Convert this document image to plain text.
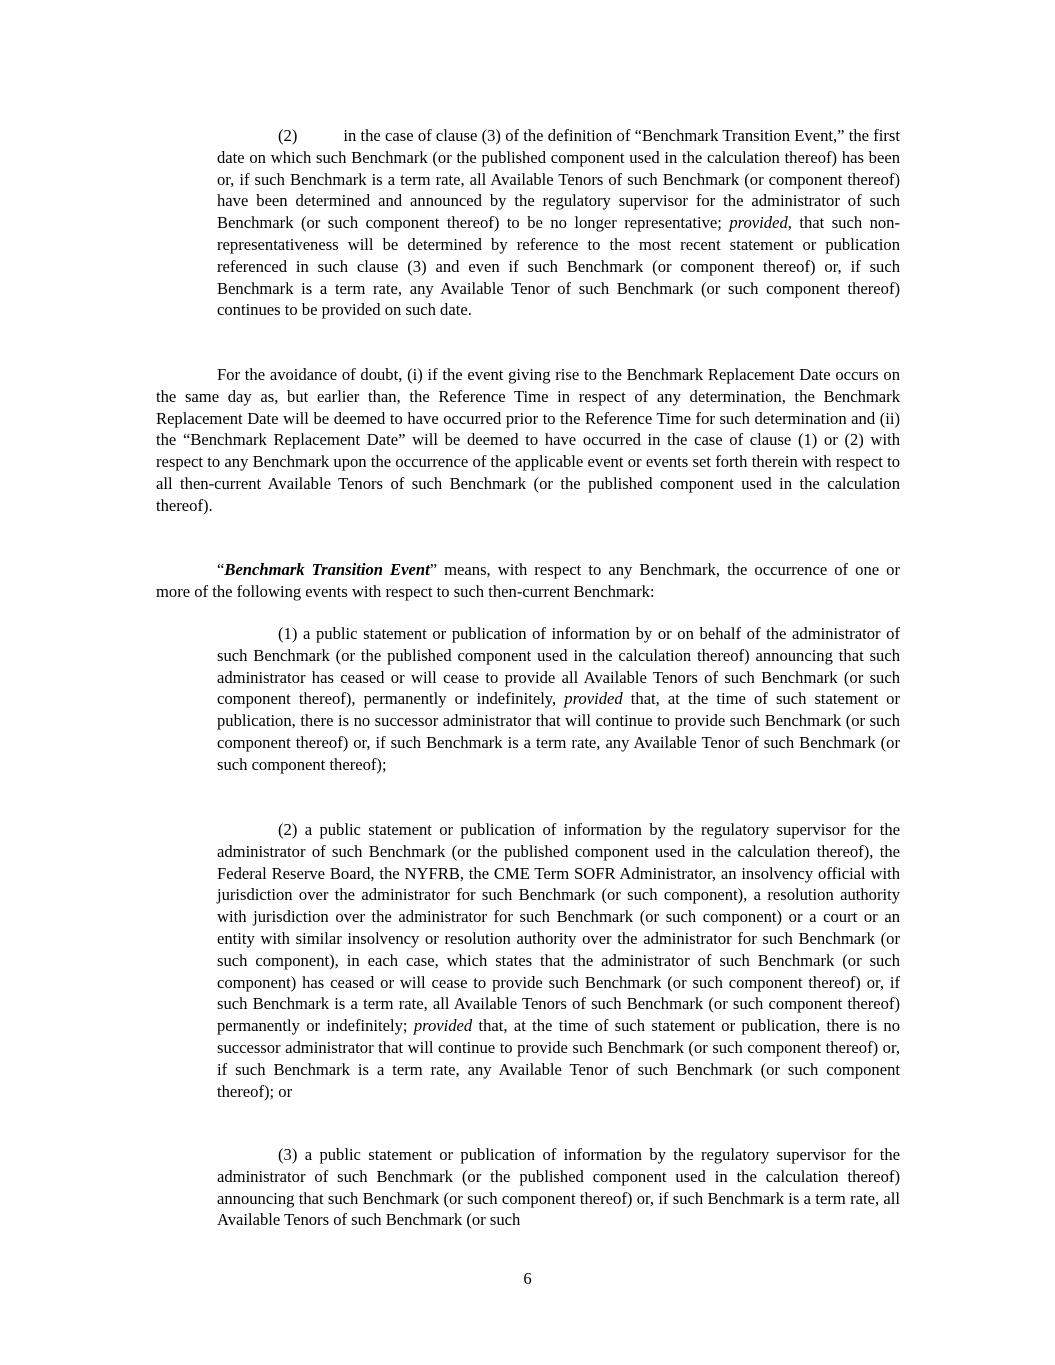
(2)	in the case of clause (3) of the definition of “Benchmark Transition Event,” the first date on which such Benchmark (or the published component used in the calculation thereof) has been or, if such Benchmark is a term rate, all Available Tenors of such Benchmark (or component thereof) have been determined and announced by the regulatory supervisor for the administrator of such Benchmark (or such component thereof) to be no longer representative; provided, that such non-representativeness will be determined by reference to the most recent statement or publication referenced in such clause (3) and even if such Benchmark (or component thereof) or, if such Benchmark is a term rate, any Available Tenor of such Benchmark (or such component thereof) continues to be provided on such date.

For the avoidance of doubt, (i) if the event giving rise to the Benchmark Replacement Date occurs on the same day as, but earlier than, the Reference Time in respect of any determination, the Benchmark Replacement Date will be deemed to have occurred prior to the Reference Time for such determination and (ii) the “Benchmark Replacement Date” will be deemed to have occurred in the case of clause (1) or (2) with respect to any Benchmark upon the occurrence of the applicable event or events set forth therein with respect to all then-current Available Tenors of such Benchmark (or the published component used in the calculation thereof).

“Benchmark Transition Event” means, with respect to any Benchmark, the occurrence of one or more of the following events with respect to such then-current Benchmark:

(1) a public statement or publication of information by or on behalf of the administrator of such Benchmark (or the published component used in the calculation thereof) announcing that such administrator has ceased or will cease to provide all Available Tenors of such Benchmark (or such component thereof), permanently or indefinitely, provided that, at the time of such statement or publication, there is no successor administrator that will continue to provide such Benchmark (or such component thereof) or, if such Benchmark is a term rate, any Available Tenor of such Benchmark (or such component thereof);

(2) a public statement or publication of information by the regulatory supervisor for the administrator of such Benchmark (or the published component used in the calculation thereof), the Federal Reserve Board, the NYFRB, the CME Term SOFR Administrator, an insolvency official with jurisdiction over the administrator for such Benchmark (or such component), a resolution authority with jurisdiction over the administrator for such Benchmark (or such component) or a court or an entity with similar insolvency or resolution authority over the administrator for such Benchmark (or such component), in each case, which states that the administrator of such Benchmark (or such component) has ceased or will cease to provide such Benchmark (or such component thereof) or, if such Benchmark is a term rate, all Available Tenors of such Benchmark (or such component thereof) permanently or indefinitely; provided that, at the time of such statement or publication, there is no successor administrator that will continue to provide such Benchmark (or such component thereof) or, if such Benchmark is a term rate, any Available Tenor of such Benchmark (or such component thereof); or

(3) a public statement or publication of information by the regulatory supervisor for the administrator of such Benchmark (or the published component used in the calculation thereof) announcing that such Benchmark (or such component thereof) or, if such Benchmark is a term rate, all Available Tenors of such Benchmark (or such

6
